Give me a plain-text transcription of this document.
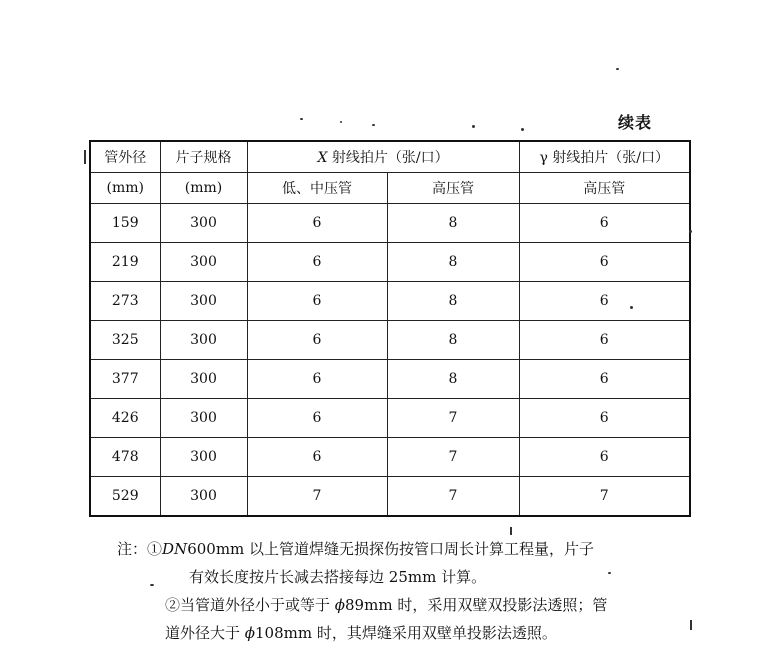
续表
管外径	片子规格	X 射线拍片（张/口）		γ 射线拍片（张/口）
(mm)	(mm)	低、中压管	高压管	高压管
159	300	6	8	6
219	300	6	8	6
273	300	6	8	6
325	300	6	8	6
377	300	6	8	6
426	300	6	7	6
478	300	6	7	6
529	300	7	7	7
注：①DN600mm 以上管道焊缝无损探伤按管口周长计算工程量，片子
有效长度按片长减去搭接每边 25mm 计算。
②当管道外径小于或等于 ϕ89mm 时，采用双壁双投影法透照；管
道外径大于 ϕ108mm 时，其焊缝采用双壁单投影法透照。
